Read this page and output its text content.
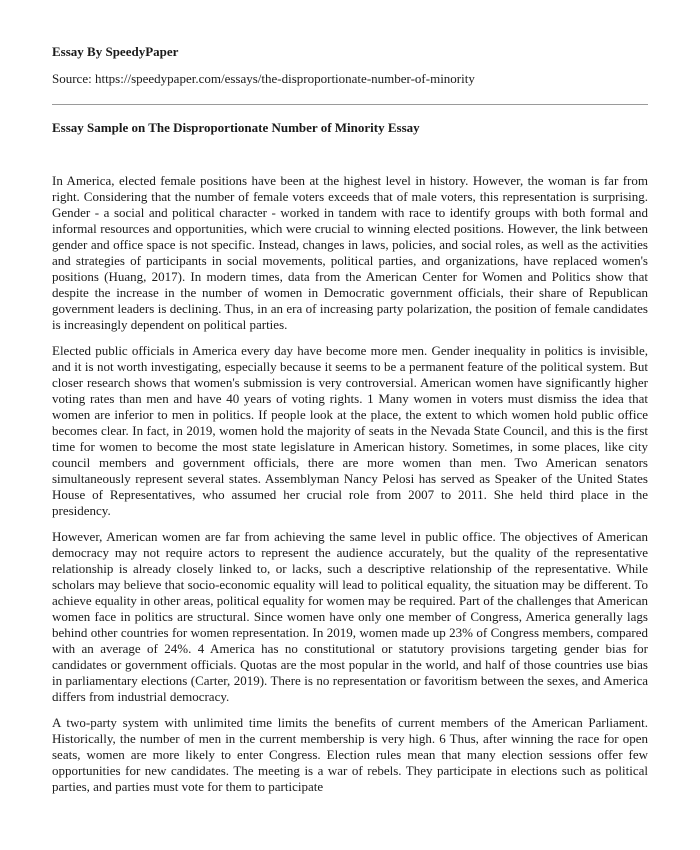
Essay By SpeedyPaper
Source: https://speedypaper.com/essays/the-disproportionate-number-of-minority
Essay Sample on The Disproportionate Number of Minority Essay

In America, elected female positions have been at the highest level in history. However, the woman is far from right. Considering that the number of female voters exceeds that of male voters, this representation is surprising. Gender - a social and political character - worked in tandem with race to identify groups with both formal and informal resources and opportunities, which were crucial to winning elected positions. However, the link between gender and office space is not specific. Instead, changes in laws, policies, and social roles, as well as the activities and strategies of participants in social movements, political parties, and organizations, have replaced women's positions (Huang, 2017). In modern times, data from the American Center for Women and Politics show that despite the increase in the number of women in Democratic government officials, their share of Republican government leaders is declining. Thus, in an era of increasing party polarization, the position of female candidates is increasingly dependent on political parties.

Elected public officials in America every day have become more men. Gender inequality in politics is invisible, and it is not worth investigating, especially because it seems to be a permanent feature of the political system. But closer research shows that women's submission is very controversial. American women have significantly higher voting rates than men and have 40 years of voting rights. 1 Many women in voters must dismiss the idea that women are inferior to men in politics. If people look at the place, the extent to which women hold public office becomes clear. In fact, in 2019, women hold the majority of seats in the Nevada State Council, and this is the first time for women to become the most state legislature in American history. Sometimes, in some places, like city council members and government officials, there are more women than men. Two American senators simultaneously represent several states. Assemblyman Nancy Pelosi has served as Speaker of the United States House of Representatives, who assumed her crucial role from 2007 to 2011. She held third place in the presidency.

However, American women are far from achieving the same level in public office. The objectives of American democracy may not require actors to represent the audience accurately, but the quality of the representative relationship is already closely linked to, or lacks, such a descriptive relationship of the representative. While scholars may believe that socio-economic equality will lead to political equality, the situation may be different. To achieve equality in other areas, political equality for women may be required. Part of the challenges that American women face in politics are structural. Since women have only one member of Congress, America generally lags behind other countries for women representation. In 2019, women made up 23% of Congress members, compared with an average of 24%. 4 America has no constitutional or statutory provisions targeting gender bias for candidates or government officials. Quotas are the most popular in the world, and half of those countries use bias in parliamentary elections (Carter, 2019). There is no representation or favoritism between the sexes, and America differs from industrial democracy.

A two-party system with unlimited time limits the benefits of current members of the American Parliament. Historically, the number of men in the current membership is very high. 6 Thus, after winning the race for open seats, women are more likely to enter Congress. Election rules mean that many election sessions offer few opportunities for new candidates. The meeting is a war of rebels. They participate in elections such as political parties, and parties must vote for them to participate
